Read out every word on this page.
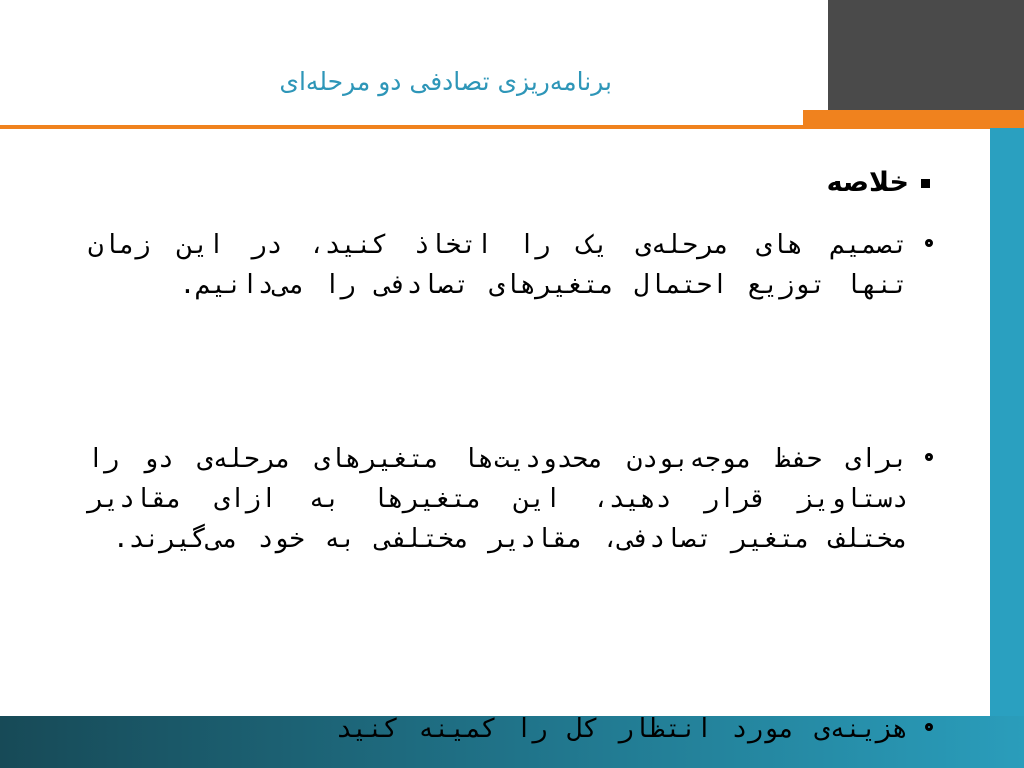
برنامه‌ریزی تصادفی دو مرحله‌ای
خلاصه
تصمیم های مرحله‌ی یک را اتخاذ کنید، در این زمان تنها توزیع احتمال متغیرهای تصادفی را می‌دانیم.
برای حفظ موجه‌بودن محدودیت‌ها متغیرهای مرحله‌ی دو را دستاویز قرار دهید، این متغیرها به ازای مقادیر مختلف متغیر تصادفی، مقادیر مختلفی به خود می‌گیرند.
هزینه‌ی مورد انتظار کل را کمینه کنید
